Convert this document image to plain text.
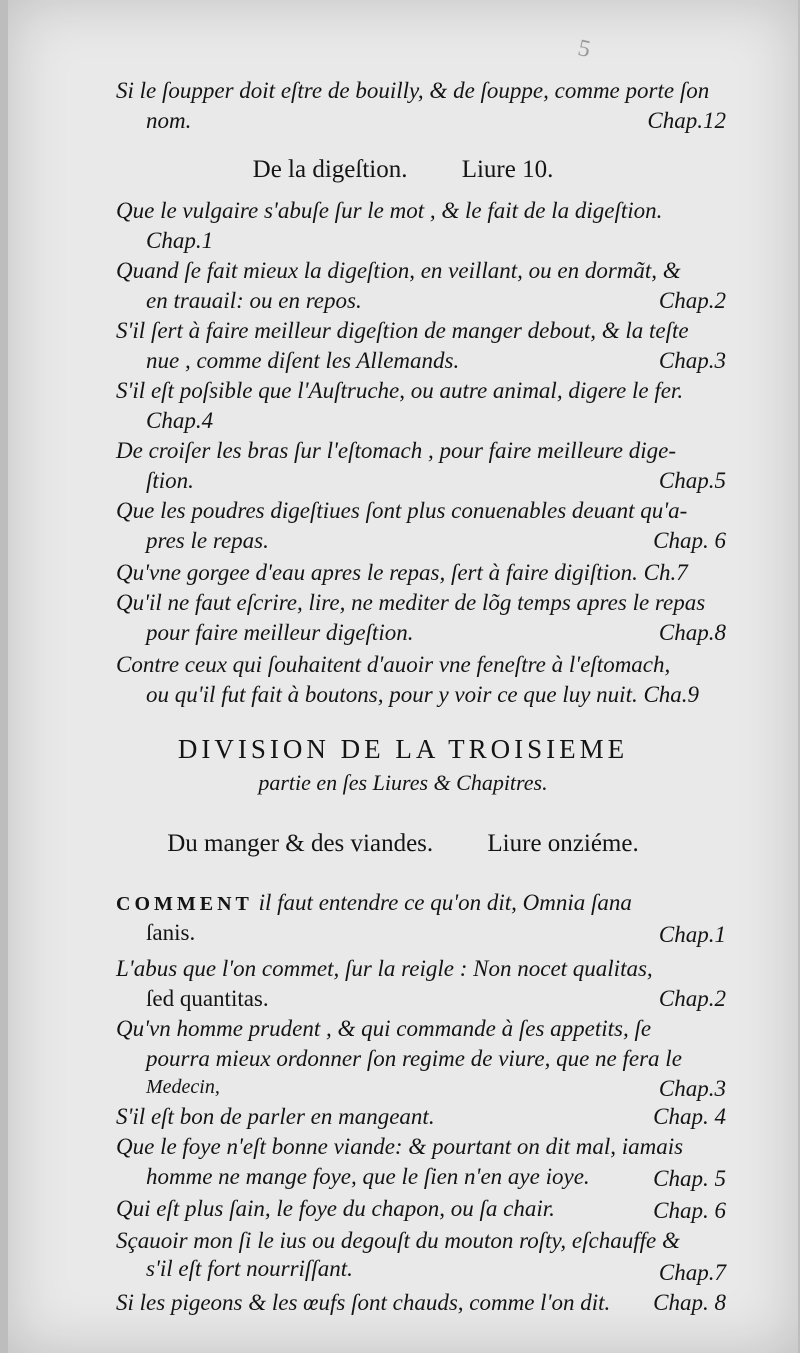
5
Si le ſoupper doit eſtre de bouilly, & de ſouppe, comme porte ſon
nom.	Chap.12
De la digeſtion. Liure 10.
Que le vulgaire s'abuſe ſur le mot , & le fait de la digeſtion.
Chap.1
Quand ſe fait mieux la digeſtion, en veillant, ou en dormãt, &
en trauail: ou en repos.	Chap.2
S'il ſert à faire meilleur digeſtion de manger debout, & la teſte
nue , comme diſent les Allemands.	Chap.3
S'il eſt poſsible que l'Auſtruche, ou autre animal, digere le fer.
Chap.4
De croiſer les bras ſur l'eſtomach , pour faire meilleure dige-
ſtion.	Chap.5
Que les poudres digeſtiues ſont plus conuenables deuant qu'a-
pres le repas.	Chap. 6
Qu'vne gorgee d'eau apres le repas, ſert à faire digiſtion. Ch.7
Qu'il ne faut eſcrire, lire, ne mediter de lõg temps apres le repas
pour faire meilleur digeſtion.	Chap.8
Contre ceux qui ſouhaitent d'auoir vne feneſtre à l'eſtomach,
ou qu'il fut fait à boutons, pour y voir ce que luy nuit. Cha.9
DIVISION DE LA TROISIEME
partie en ſes Liures & Chapitres.
Du manger & des viandes. Liure onziéme.
COMMENT il faut entendre ce qu'on dit, Omnia ſana
ſanis.	Chap.1
L'abus que l'on commet, ſur la reigle : Non nocet qualitas,
ſed quantitas.	Chap.2
Qu'vn homme prudent , & qui commande à ſes appetits, ſe
pourra mieux ordonner ſon regime de viure, que ne fera le
Medecin,	Chap.3
S'il eſt bon de parler en mangeant.	Chap. 4
Que le foye n'eſt bonne viande: & pourtant on dit mal, iamais
homme ne mange foye, que le ſien n'en aye ioye.	Chap. 5
Qui eſt plus ſain, le foye du chapon, ou ſa chair.	Chap. 6
Sçauoir mon ſi le ius ou degouſt du mouton roſty, eſchauffe &
s'il eſt fort nourriſſant.	Chap.7
Si les pigeons & les œufs ſont chauds, comme l'on dit.	Chap. 8
